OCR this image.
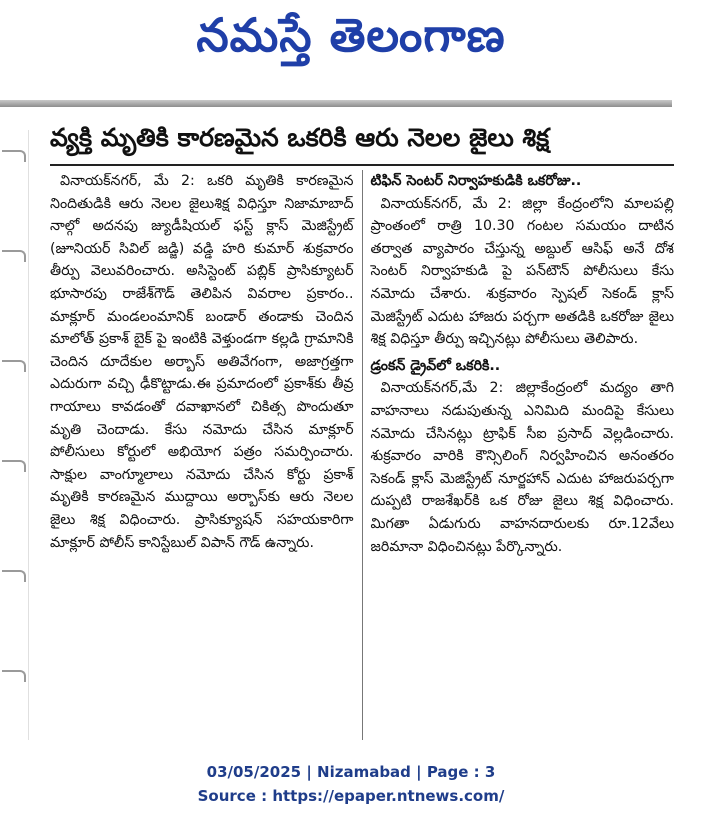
నమస్తే తెలంగాణ
వ్యక్తి మృతికి కారణమైన ఒకరికి ఆరు నెలల జైలు శిక్ష

వినాయక్‌నగర్, మే 2: ఒకరి మృతికి కారణమైన నిందితుడికి ఆరు నెలల జైలుశిక్ష విధిస్తూ నిజామాబాద్ నాల్గో అదనపు జ్యుడీషియల్ ఫస్ట్ క్లాస్ మెజిస్ట్రేట్ (జూనియర్ సివిల్ జడ్జి) వడ్డి హరి కుమార్ శుక్రవారం తీర్పు వెలువరించారు. అసిస్టెంట్ పబ్లిక్ ప్రాసిక్యూటర్ భూసారపు రాజేశ్‌గౌడ్ తెలిపిన వివరాల ప్రకారం.. మాక్లూర్ మండలంమానిక్ బండార్ తండాకు చెందిన మాలోత్ ప్రకాశ్ బైక్ పై ఇంటికి వెళ్తుండగా కల్లడి గ్రామానికి చెందిన దూదేకుల అర్బాస్ అతివేగంగా, అజాగ్రత్తగా ఎదురుగా వచ్చి ఢీకొట్టాడు.ఈ ప్రమాదంలో ప్రకాశ్‌కు తీవ్ర గాయాలు కావడంతో దవాఖానలో చికిత్స పొందుతూ మృతి చెందాడు. కేసు నమోదు చేసిన మాక్లూర్ పోలీసులు కోర్టులో అభియోగ పత్రం సమర్పించారు. సాక్షుల వాంగ్మూలాలు నమోదు చేసిన కోర్టు ప్రకాశ్ మృతికి కారణమైన ముద్దాయి అర్బాస్‌కు ఆరు నెలల జైలు శిక్ష విధించారు. ప్రాసిక్యూషన్ సహయకారిగా మాక్లూర్ పోలీస్ కానిస్టేబుల్ విపాన్ గౌడ్ ఉన్నారు.

టిఫిన్ సెంటర్ నిర్వాహకుడికి ఒకరోజు..

వినాయక్‌నగర్, మే 2: జిల్లా కేంద్రంలోని మాలపల్లి ప్రాంతంలో రాత్రి 10.30 గంటల సమయం దాటిన తర్వాత వ్యాపారం చేస్తున్న అబ్దుల్ ఆసిఫ్ అనే దోశ సెంటర్ నిర్వాహకుడి పై పన్‌టౌన్ పోలీసులు కేసు నమోదు చేశారు. శుక్రవారం స్పెషల్ సెకండ్ క్లాస్ మెజిస్ట్రేట్ ఎదుట హాజరు పర్చగా అతడికి ఒకరోజు జైలు శిక్ష విధిస్తూ తీర్పు ఇచ్చినట్లు పోలీసులు తెలిపారు.

డ్రంకన్ డ్రైవ్‌లో ఒకరికి..

వినాయక్‌నగర్,మే 2: జిల్లాకేంద్రంలో మద్యం తాగి వాహనాలు నడుపుతున్న ఎనిమిది మందిపై కేసులు నమోదు చేసినట్లు ట్రాఫిక్ సీఐ ప్రసాద్ వెల్లడించారు. శుక్రవారం వారికి కౌన్సిలింగ్ నిర్వహించిన అనంతరం సెకండ్ క్లాస్ మెజిస్ట్రేట్ నూర్జహాన్ ఎదుట హాజరుపర్చగా దుప్పటి రాజశేఖర్‌కి ఒక రోజు జైలు శిక్ష విధించారు. మిగతా ఏడుగురు వాహనదారులకు రూ.12వేలు జరిమానా విధించినట్లు పేర్కొన్నారు.

03/05/2025 | Nizamabad | Page : 3
Source : https://epaper.ntnews.com/
